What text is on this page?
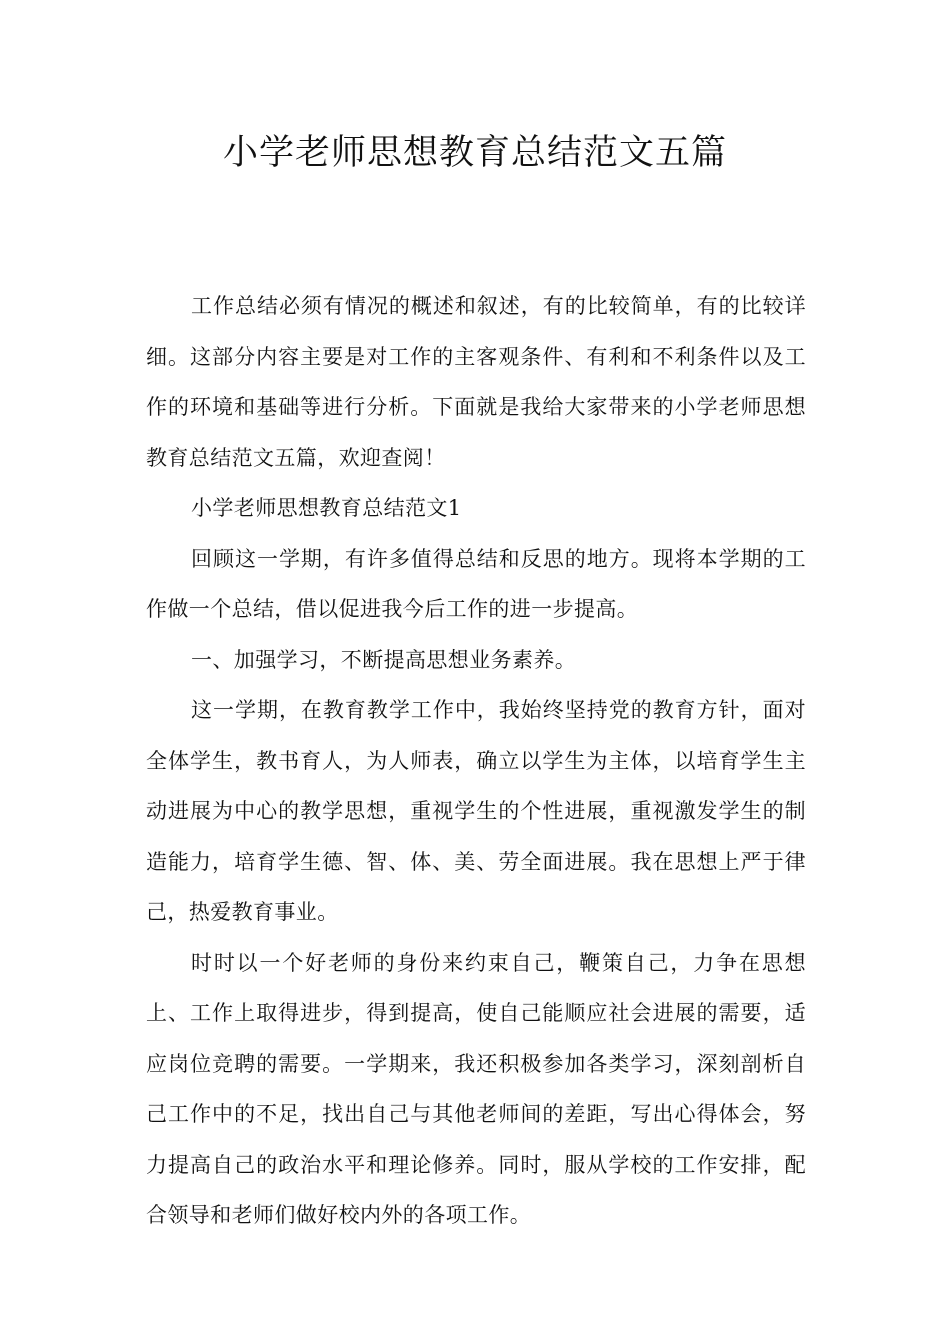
小学老师思想教育总结范文五篇

工作总结必须有情况的概述和叙述，有的比较简单，有的比较详细。这部分内容主要是对工作的主客观条件、有利和不利条件以及工作的环境和基础等进行分析。下面就是我给大家带来的小学老师思想教育总结范文五篇，欢迎查阅！

小学老师思想教育总结范文1

回顾这一学期，有许多值得总结和反思的地方。现将本学期的工作做一个总结，借以促进我今后工作的进一步提高。

一、加强学习，不断提高思想业务素养。

这一学期，在教育教学工作中，我始终坚持党的教育方针，面对全体学生，教书育人，为人师表，确立以学生为主体，以培育学生主动进展为中心的教学思想，重视学生的个性进展，重视激发学生的制造能力，培育学生德、智、体、美、劳全面进展。我在思想上严于律己，热爱教育事业。

时时以一个好老师的身份来约束自己，鞭策自己，力争在思想上、工作上取得进步，得到提高，使自己能顺应社会进展的需要，适应岗位竞聘的需要。一学期来，我还积极参加各类学习，深刻剖析自己工作中的不足，找出自己与其他老师间的差距，写出心得体会，努力提高自己的政治水平和理论修养。同时，服从学校的工作安排，配合领导和老师们做好校内外的各项工作。
